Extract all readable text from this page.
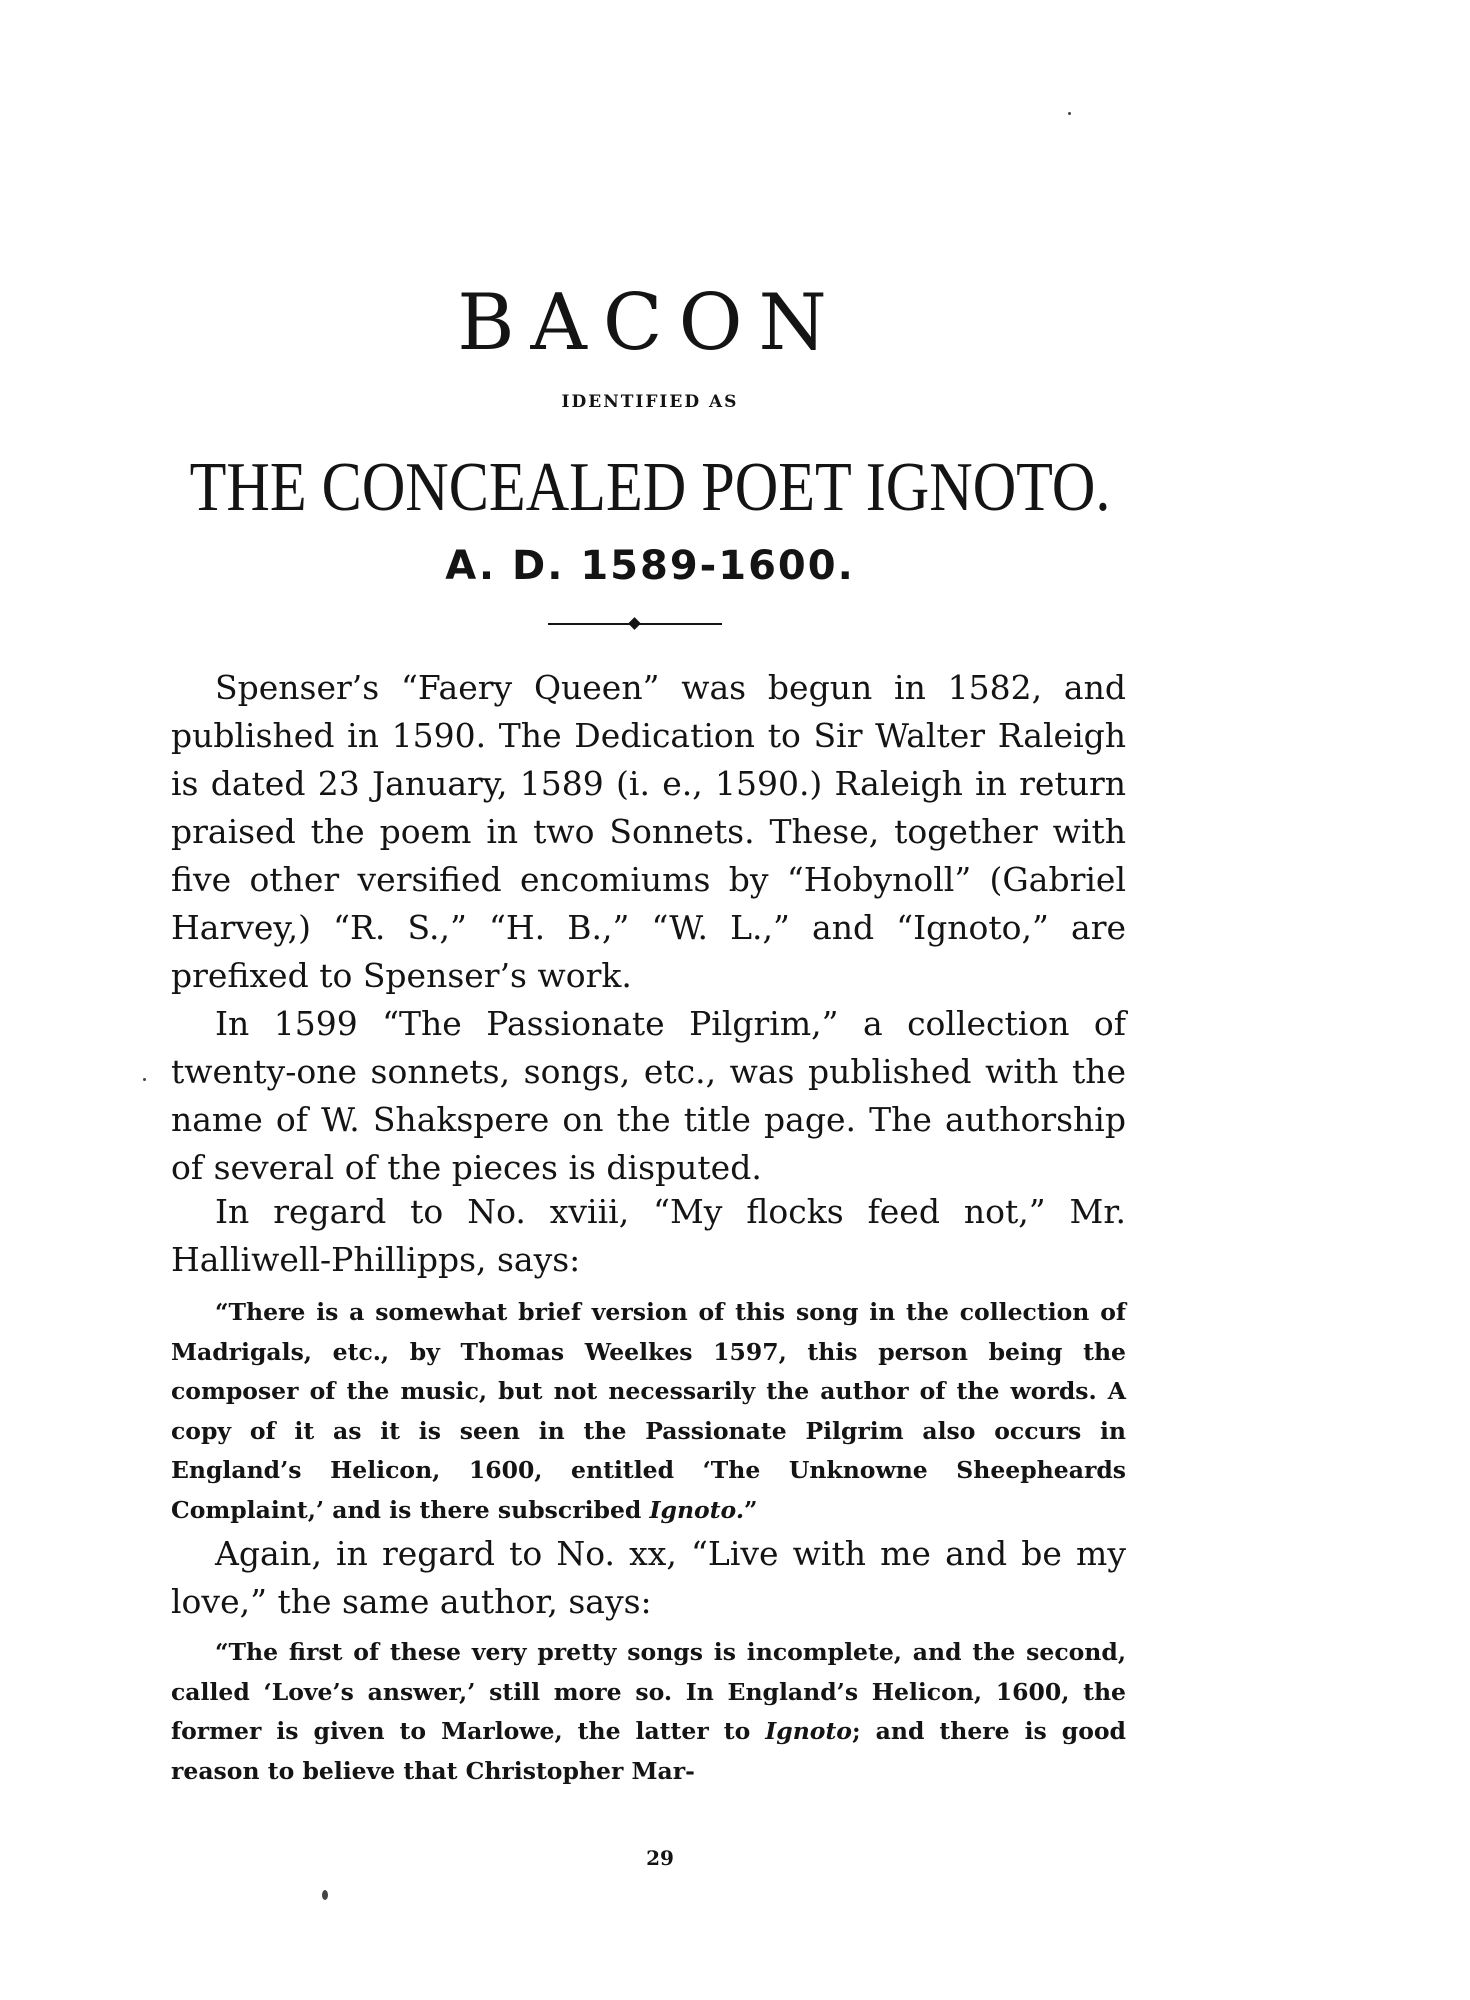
BACON
IDENTIFIED AS
THE CONCEALED POET IGNOTO.
A. D. 1589-1600.

Spenser’s “Faery Queen” was begun in 1582, and published in 1590. The Dedication to Sir Walter Raleigh is dated 23 January, 1589 (i. e., 1590.) Raleigh in return praised the poem in two Sonnets. These, together with five other versified encomiums by “Hobynoll” (Gabriel Harvey,) “R. S.,” “H. B.,” “W. L.,” and “Ignoto,” are prefixed to Spenser’s work.

In 1599 “The Passionate Pilgrim,” a collection of twenty-one sonnets, songs, etc., was published with the name of W. Shakspere on the title page. The authorship of several of the pieces is disputed.

In regard to No. xviii, “My flocks feed not,” Mr. Halliwell-Phillipps, says:

“There is a somewhat brief version of this song in the collection of Madrigals, etc., by Thomas Weelkes 1597, this person being the composer of the music, but not necessarily the author of the words. A copy of it as it is seen in the Passionate Pilgrim also occurs in England’s Helicon, 1600, entitled ‘The Unknowne Sheepheards Complaint,’ and is there subscribed Ignoto.”

Again, in regard to No. xx, “Live with me and be my love,” the same author, says:

“The first of these very pretty songs is incomplete, and the second, called ‘Love’s answer,’ still more so. In England’s Helicon, 1600, the former is given to Marlowe, the latter to Ignoto; and there is good reason to believe that Christopher Mar-

29
